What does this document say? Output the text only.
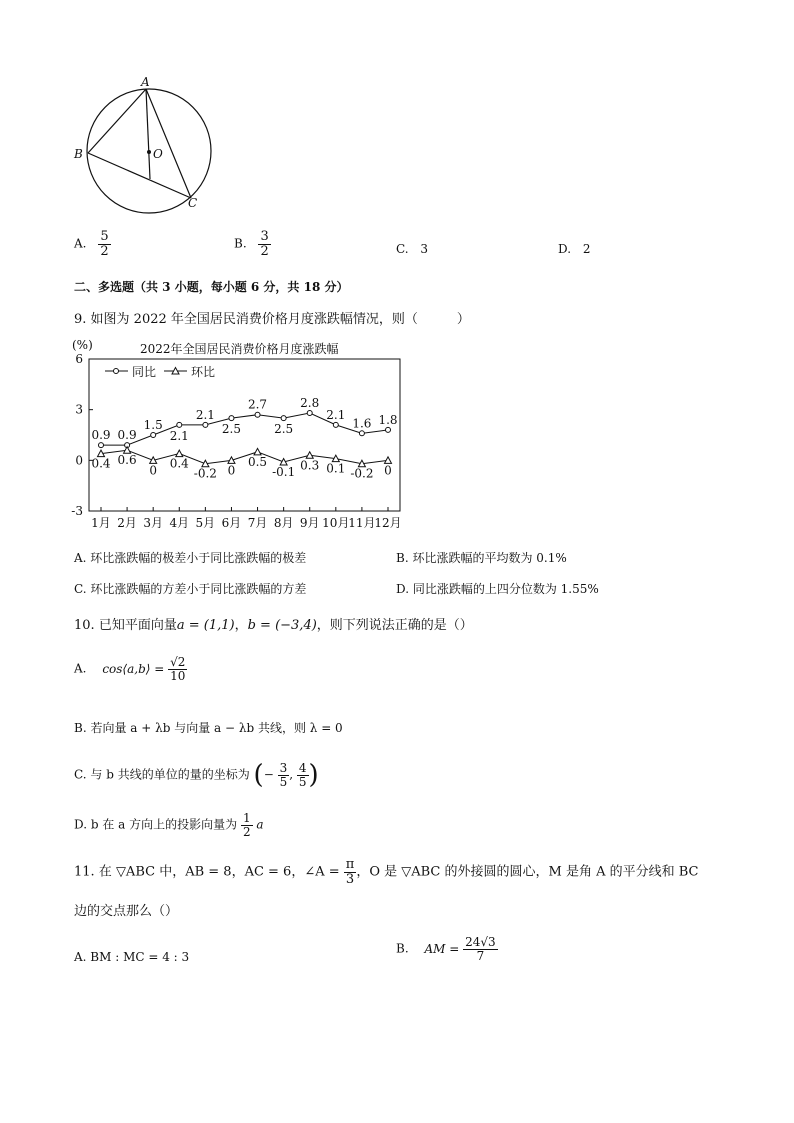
A
B
C
O
A. $\frac{5}{2}$	B. $\frac{3}{2}$	C. 3	D. 2
二、多选题（共 3 小题，每小题 6 分，共 18 分）
9. 如图为 2022 年全国居民消费价格月度涨跌幅情况，则（　　　）
(%)	2022年全国居民消费价格月度涨跌幅
6
3
0
-3
1月 2月 3月 4月 5月 6月 7月 8月 9月 10月
11月
12月
0.9 0.9
1.5
2.1
2.1
2.5
2.7
2.5
2.8
2.1
1.6 1.8
0.4 0.6
0 0.4
-0.2 0
0.5
-0.1 0.3 0.1 -0.2 0
同比	环比
A. 环比涨跌幅的极差小于同比涨跌幅的极差	B. 环比涨跌幅的平均数为 0.1%
C. 环比涨跌幅的方差小于同比涨跌幅的方差	D. 同比涨跌幅的上四分位数为 1.55%
10. 已知平面向量a = (1,1)，b = (−3,4)，则下列说法正确的是（）
A. cos⟨a,b⟩ = $\frac{√2}{10}$
B. 若向量 a + λb 与向量 a − λb 共线，则 λ = 0
C. 与 b 共线的单位的量的坐标为 (− $\frac{3}{5}$ , $\frac{4}{5}$ )
D. b 在 a 方向上的投影向量为 $\frac{1}{2}$ a
11. 在 ▽ABC 中，AB = 8，AC = 6，∠A = $\frac{\pi}{3}$ ，O 是 ▽ABC 的外接圆的圆心，M 是角 A 的平分线和 BC
边的交点那么（）
A. BM : MC = 4 : 3
B. AM = $\frac{24√3}{7}$
